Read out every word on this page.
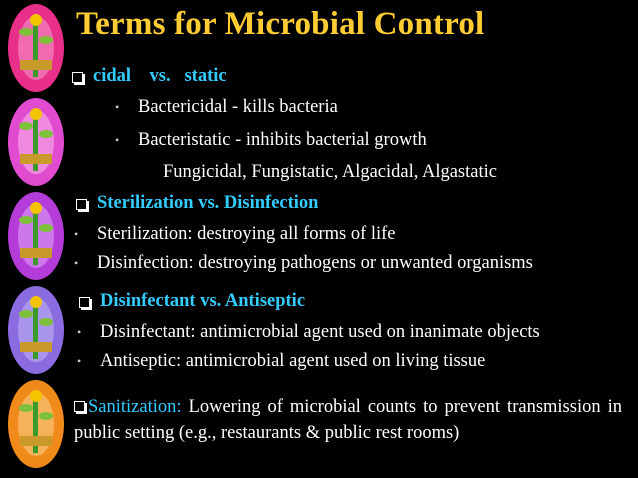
Terms for Microbial Control
cidal    vs.   static
• Bactericidal - kills bacteria
• Bacteristatic - inhibits bacterial growth
Fungicidal, Fungistatic, Algacidal, Algastatic
Sterilization vs. Disinfection
• Sterilization: destroying all forms of life
• Disinfection: destroying pathogens or unwanted organisms
Disinfectant vs. Antiseptic
• Disinfectant: antimicrobial agent used on inanimate objects
• Antiseptic: antimicrobial agent used on living tissue
Sanitization: Lowering of microbial counts to prevent transmission in public setting (e.g., restaurants & public rest rooms)
